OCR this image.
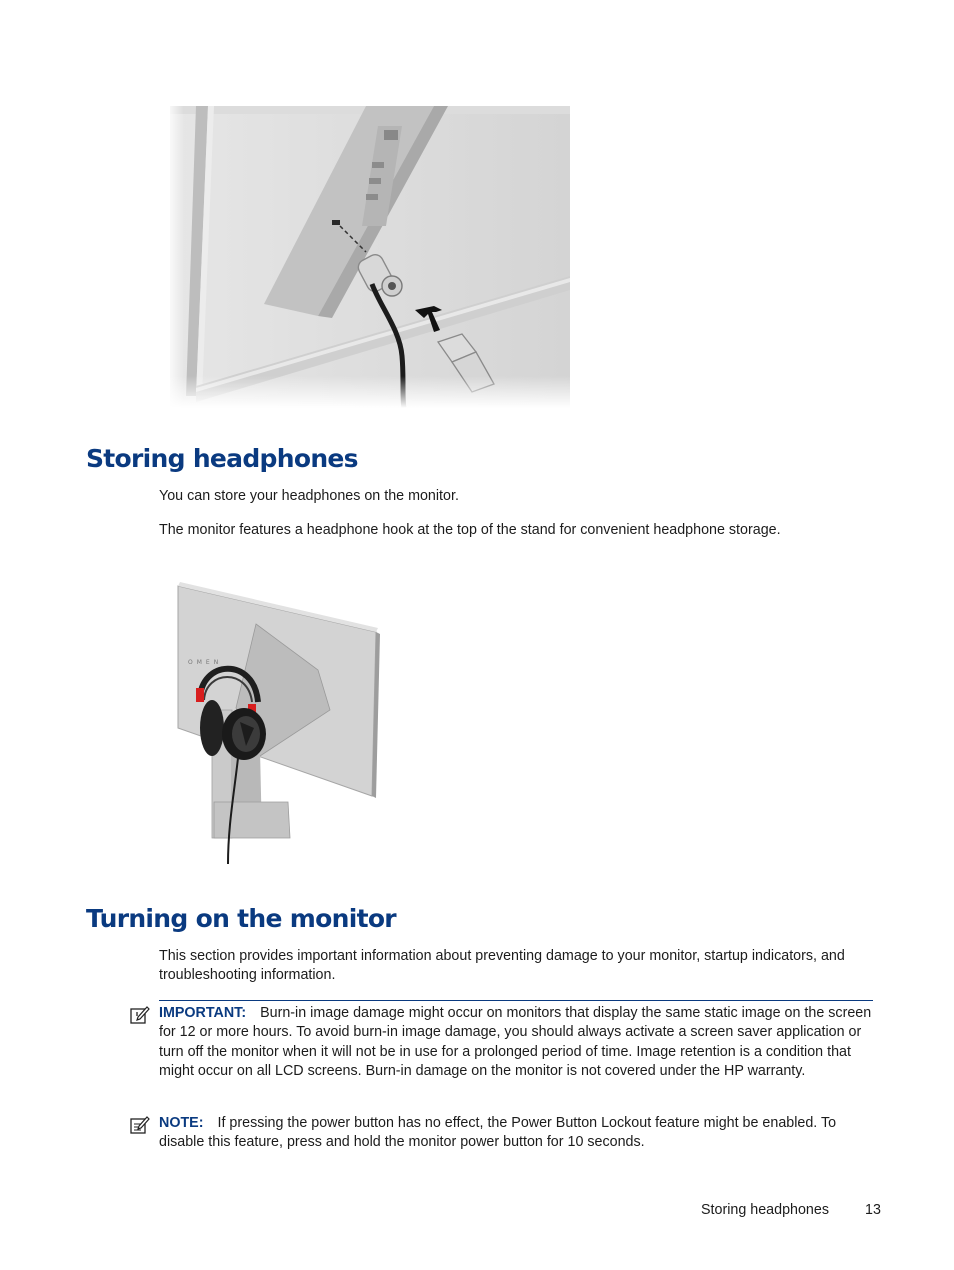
Storing headphones

You can store your headphones on the monitor.

The monitor features a headphone hook at the top of the stand for convenient headphone storage.

OMEN
Turning on the monitor

This section provides important information about preventing damage to your monitor, startup indicators, and troubleshooting information.

IMPORTANT: Burn-in image damage might occur on monitors that display the same static image on the screen for 12 or more hours. To avoid burn-in image damage, you should always activate a screen saver application or turn off the monitor when it will not be in use for a prolonged period of time. Image retention is a condition that might occur on all LCD screens. Burn-in damage on the monitor is not covered under the HP warranty.

NOTE: If pressing the power button has no effect, the Power Button Lockout feature might be enabled. To disable this feature, press and hold the monitor power button for 10 seconds.

Storing headphones	13
